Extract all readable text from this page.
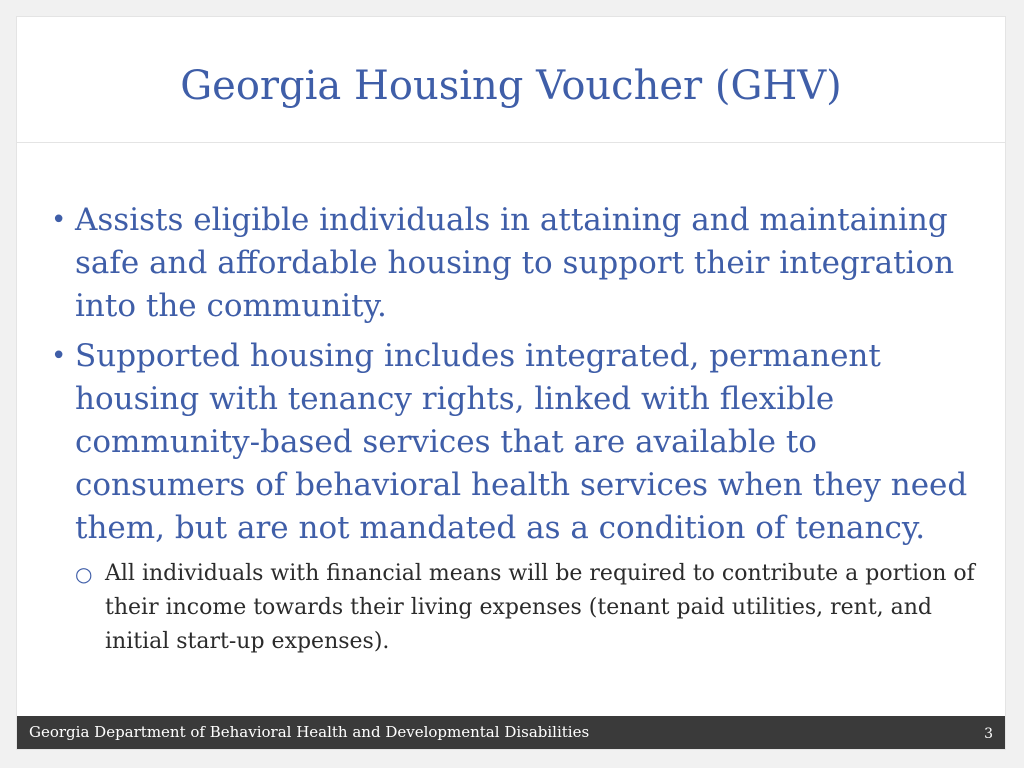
Georgia Housing Voucher (GHV)
• Assists eligible individuals in attaining and maintaining safe and affordable housing to support their integration into the community.
• Supported housing includes integrated, permanent housing with tenancy rights, linked with flexible community-based services that are available to consumers of behavioral health services when they need them, but are not mandated as a condition of tenancy.
○ All individuals with financial means will be required to contribute a portion of their income towards their living expenses (tenant paid utilities, rent, and initial start-up expenses).
Georgia Department of Behavioral Health and Developmental Disabilities	3
